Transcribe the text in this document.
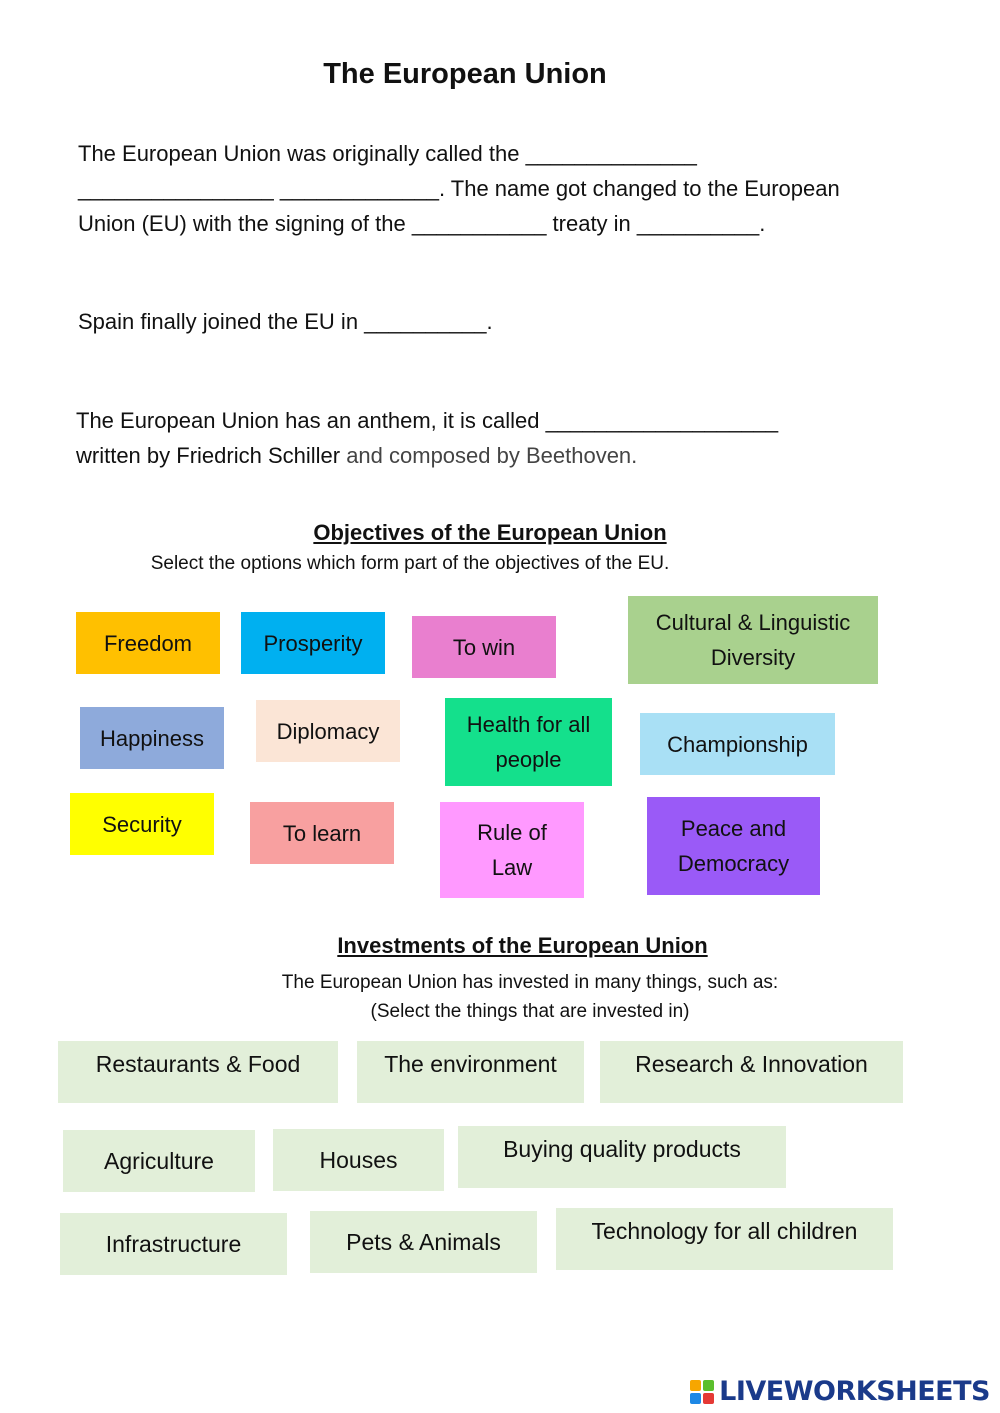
The European Union
The European Union was originally called the ______________
________________ _____________. The name got changed to the European
Union (EU) with the signing of the ___________ treaty in __________.
Spain finally joined the EU in __________.
The European Union has an anthem, it is called ___________________
written by Friedrich Schiller and composed by Beethoven.
Objectives of the European Union
Select the options which form part of the objectives of the EU.
Freedom	Prosperity	To win
Cultural & Linguistic Diversity
Happiness	Diplomacy	Health for all people
Championship
Security	To learn	Rule of Law
Peace and Democracy
Investments of the European Union
The European Union has invested in many things, such as:
(Select the things that are invested in)
Restaurants & Food	The environment	Research & Innovation
Agriculture	Houses	Buying quality products
Infrastructure	Pets & Animals	Technology for all children
LIVEWORKSHEETS
